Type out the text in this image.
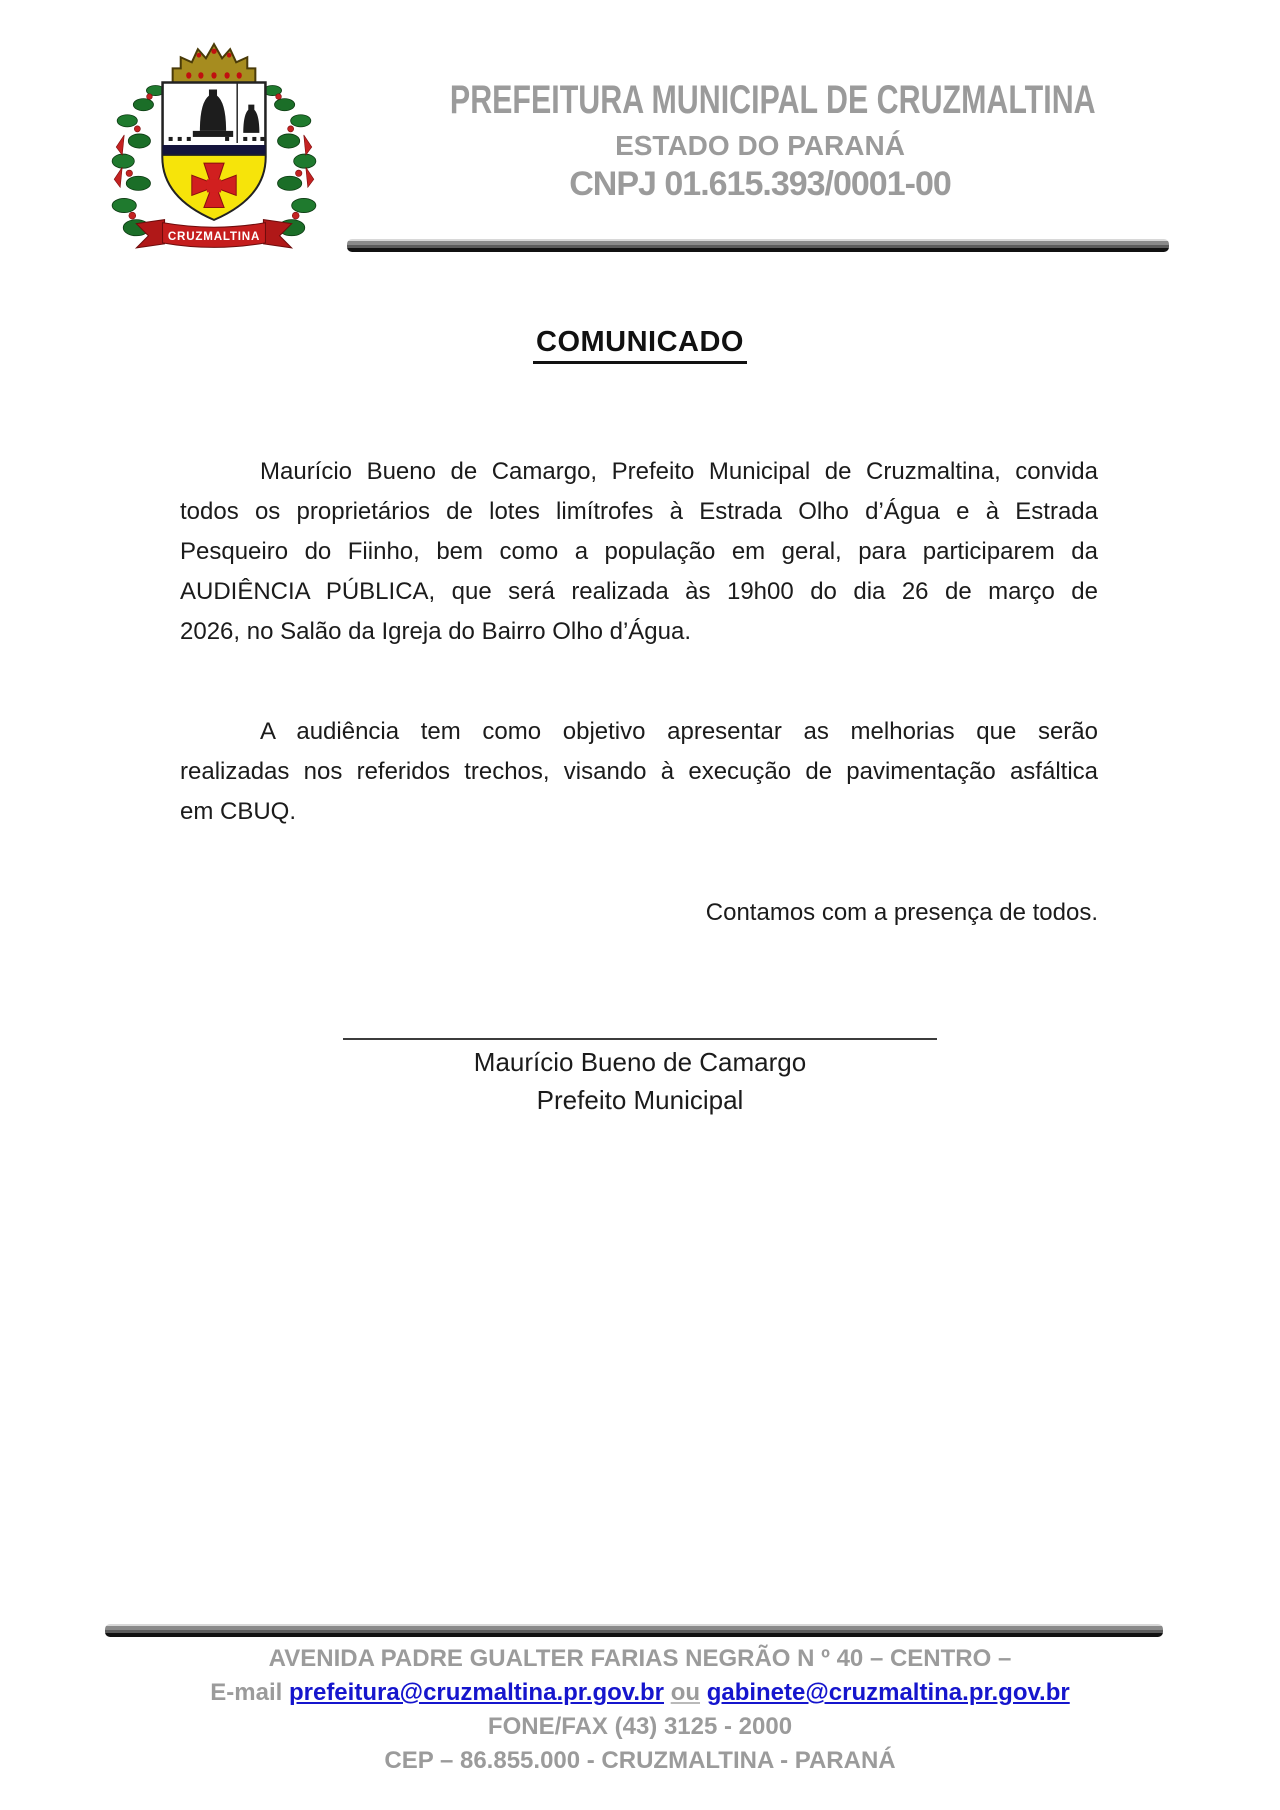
CRUZMALTINA
PREFEITURA MUNICIPAL DE CRUZMALTINA
ESTADO DO PARANÁ
CNPJ 01.615.393/0001-00
COMUNICADO
Maurício Bueno de Camargo, Prefeito Municipal de Cruzmaltina, convida
todos os proprietários de lotes limítrofes à Estrada Olho d’Água e à Estrada
Pesqueiro do Fiinho, bem como a população em geral, para participarem da
AUDIÊNCIA PÚBLICA, que será realizada às 19h00 do dia 26 de março de
2026, no Salão da Igreja do Bairro Olho d’Água.
A audiência tem como objetivo apresentar as melhorias que serão
realizadas nos referidos trechos, visando à execução de pavimentação asfáltica
em CBUQ.
Contamos com a presença de todos.
Maurício Bueno de Camargo
Prefeito Municipal
AVENIDA PADRE GUALTER FARIAS NEGRÃO N º 40 – CENTRO –
E-mail prefeitura@cruzmaltina.pr.gov.br ou gabinete@cruzmaltina.pr.gov.br
FONE/FAX (43) 3125 - 2000
CEP – 86.855.000 - CRUZMALTINA - PARANÁ
